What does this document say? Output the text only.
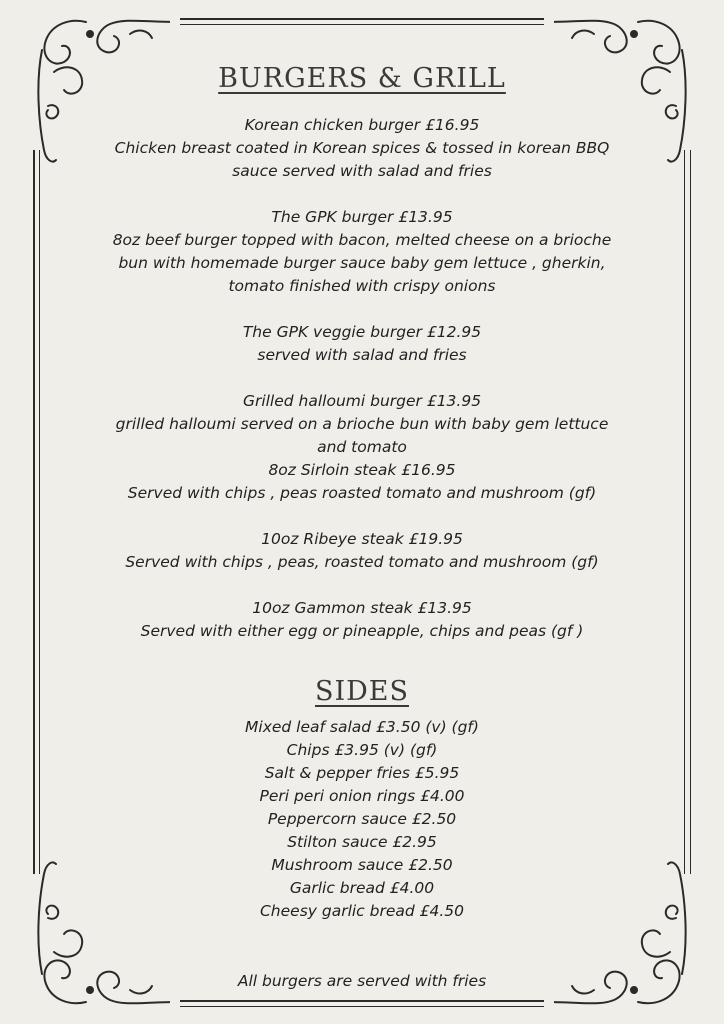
BURGERS & GRILL
Korean chicken burger £16.95
Chicken breast coated in Korean spices & tossed in korean BBQ
sauce served with salad and fries
The GPK burger £13.95
8oz beef burger topped with bacon, melted cheese on a brioche
bun with homemade burger sauce baby gem lettuce , gherkin,
tomato finished with crispy onions
The GPK veggie burger £12.95
served with salad and fries
Grilled halloumi burger £13.95
grilled halloumi served on a brioche bun with baby gem lettuce
and tomato
8oz Sirloin steak £16.95
Served with chips , peas roasted tomato and mushroom (gf)
10oz Ribeye steak £19.95
Served with chips , peas, roasted tomato and mushroom (gf)
10oz Gammon steak £13.95
Served with either egg or pineapple, chips and peas (gf )
SIDES
Mixed leaf salad £3.50 (v) (gf)
Chips £3.95 (v) (gf)
Salt & pepper fries £5.95
Peri peri onion rings £4.00
Peppercorn sauce £2.50
Stilton sauce £2.95
Mushroom sauce £2.50
Garlic bread £4.00
Cheesy garlic bread £4.50
All burgers are served with fries
